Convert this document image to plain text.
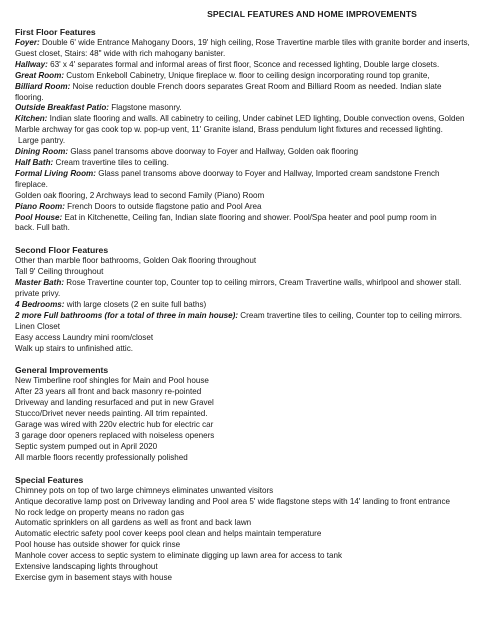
SPECIAL FEATURES AND HOME IMPROVEMENTS

First Floor Features

Foyer: Double 6' wide Entrance Mahogany Doors, 19' high ceiling, Rose Travertine marble tiles with granite border and inserts,

Guest closet, Stairs: 48" wide with rich mahogany banister.

Hallway: 63' x 4' separates formal and informal areas of first floor, Sconce and recessed lighting, Double large closets.

Great Room: Custom Enkeboll Cabinetry, Unique fireplace w. floor to ceiling design incorporating round top granite,

Billiard Room: Noise reduction double French doors separates Great Room and Billiard Room as needed. Indian slate flooring.

Outside Breakfast Patio: Flagstone masonry.

Kitchen: Indian slate flooring and walls. All cabinetry to ceiling, Under cabinet LED lighting, Double convection ovens, Golden

Marble archway for gas cook top w. pop-up vent, 11' Granite island, Brass pendulum light fixtures and recessed lighting.

Large pantry.

Dining Room: Glass panel transoms above doorway to Foyer and Hallway, Golden oak flooring

Half Bath: Cream travertine tiles to ceiling.

Formal Living Room: Glass panel transoms above doorway to Foyer and Hallway, Imported cream sandstone French fireplace.

Golden oak flooring, 2 Archways lead to second Family (Piano) Room

Piano Room: French Doors to outside flagstone patio and Pool Area

Pool House: Eat in Kitchenette, Ceiling fan, Indian slate flooring and shower. Pool/Spa heater and pool pump room in

back. Full bath.

Second Floor Features

Other than marble floor bathrooms, Golden Oak flooring throughout

Tall 9' Ceiling throughout

Master Bath: Rose Travertine counter top, Counter top to ceiling mirrors, Cream Travertine walls, whirlpool and shower stall.

private privy.

4 Bedrooms: with large closets (2 en suite full baths)

2 more Full bathrooms (for a total of three in main house): Cream travertine tiles to ceiling, Counter top to ceiling mirrors.

Linen Closet

Easy access Laundry mini room/closet

Walk up stairs to unfinished attic.

General Improvements

New Timberline roof shingles for Main and Pool house

After 23 years all front and back masonry re-pointed

Driveway and landing resurfaced and put in new Gravel

Stucco/Drivet never needs painting. All trim repainted.

Garage was wired with 220v electric hub for electric car

3 garage door openers replaced with noiseless openers

Septic system pumped out in April 2020

All marble floors recently professionally polished

Special Features

Chimney pots on top of two large chimneys eliminates unwanted visitors

Antique decorative lamp post on Driveway landing and Pool area 5' wide flagstone steps with 14' landing to front entrance

No rock ledge on property means no radon gas

Automatic sprinklers on all gardens as well as front and back lawn

Automatic electric safety pool cover keeps pool clean and helps maintain temperature

Pool house has outside shower for quick rinse

Manhole cover access to septic system to eliminate digging up lawn area for access to tank

Extensive landscaping lights throughout

Exercise gym in basement stays with house
